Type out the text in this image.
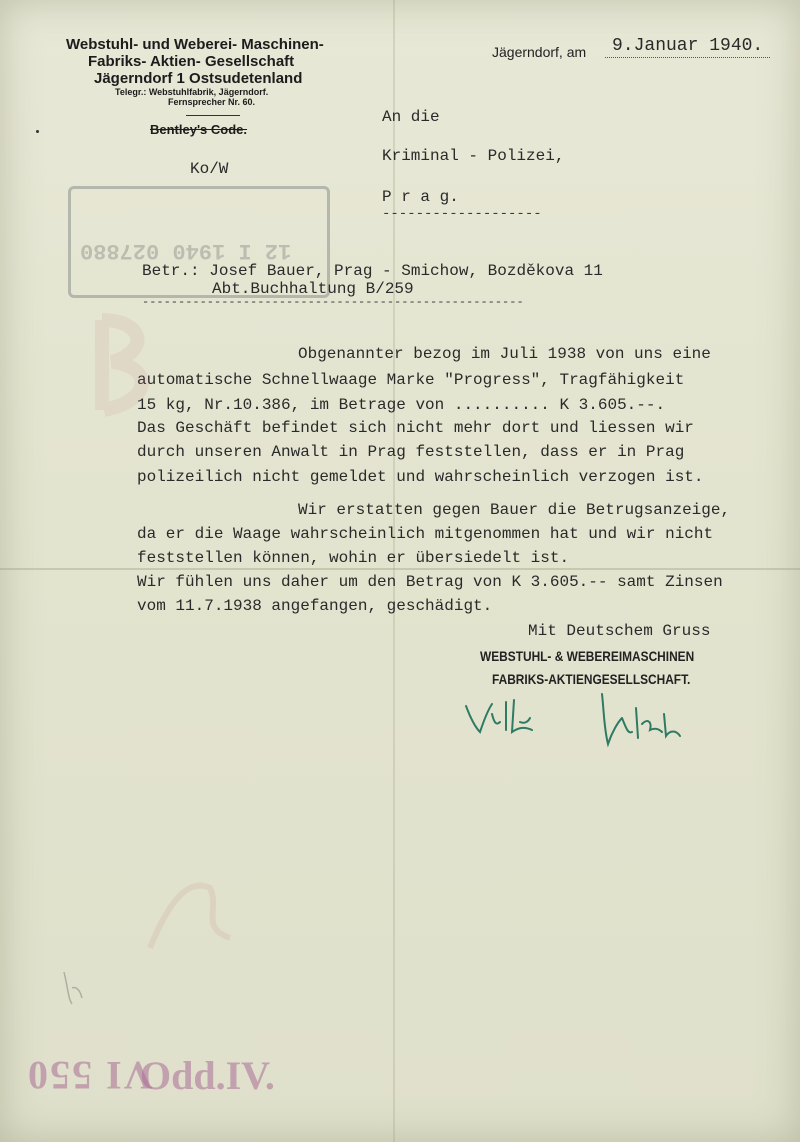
Webstuhl- und Weberei- Maschinen-
Fabriks- Aktien- Gesellschaft
Jägerndorf 1 Ostsudetenland
Telegr.: Webstuhlfabrik, Jägerndorf.
Fernsprecher Nr. 60.
Bentley's Code.
Jägerndorf, am 9.Januar 1940.
Ko/W
12 I 1940 027880
An die
Kriminal - Polizei,
P r a g.
-------------------
Betr.: Josef Bauer, Prag - Smichow, Bozděkova 11
Abt.Buchhaltung B/259
-----------------------------------------------------
Obgenannter bezog im Juli 1938 von uns eine
automatische Schnellwaage Marke "Progress", Tragfähigkeit
15 kg, Nr.10.386, im Betrage von .......... K 3.605.--.
Das Geschäft befindet sich nicht mehr dort und liessen wir
durch unseren Anwalt in Prag feststellen, dass er in Prag
polizeilich nicht gemeldet und wahrscheinlich verzogen ist.
Wir erstatten gegen Bauer die Betrugsanzeige,
da er die Waage wahrscheinlich mitgenommen hat und wir nicht
feststellen können, wohin er übersiedelt ist.
Wir fühlen uns daher um den Betrag von K 3.605.-- samt Zinsen
vom 11.7.1938 angefangen, geschädigt.
Mit Deutschem Gruss
WEBSTUHL- & WEBEREIMASCHINEN
FABRIKS-AKTIENGESELLSCHAFT.
VI 550
Odd.IV.
